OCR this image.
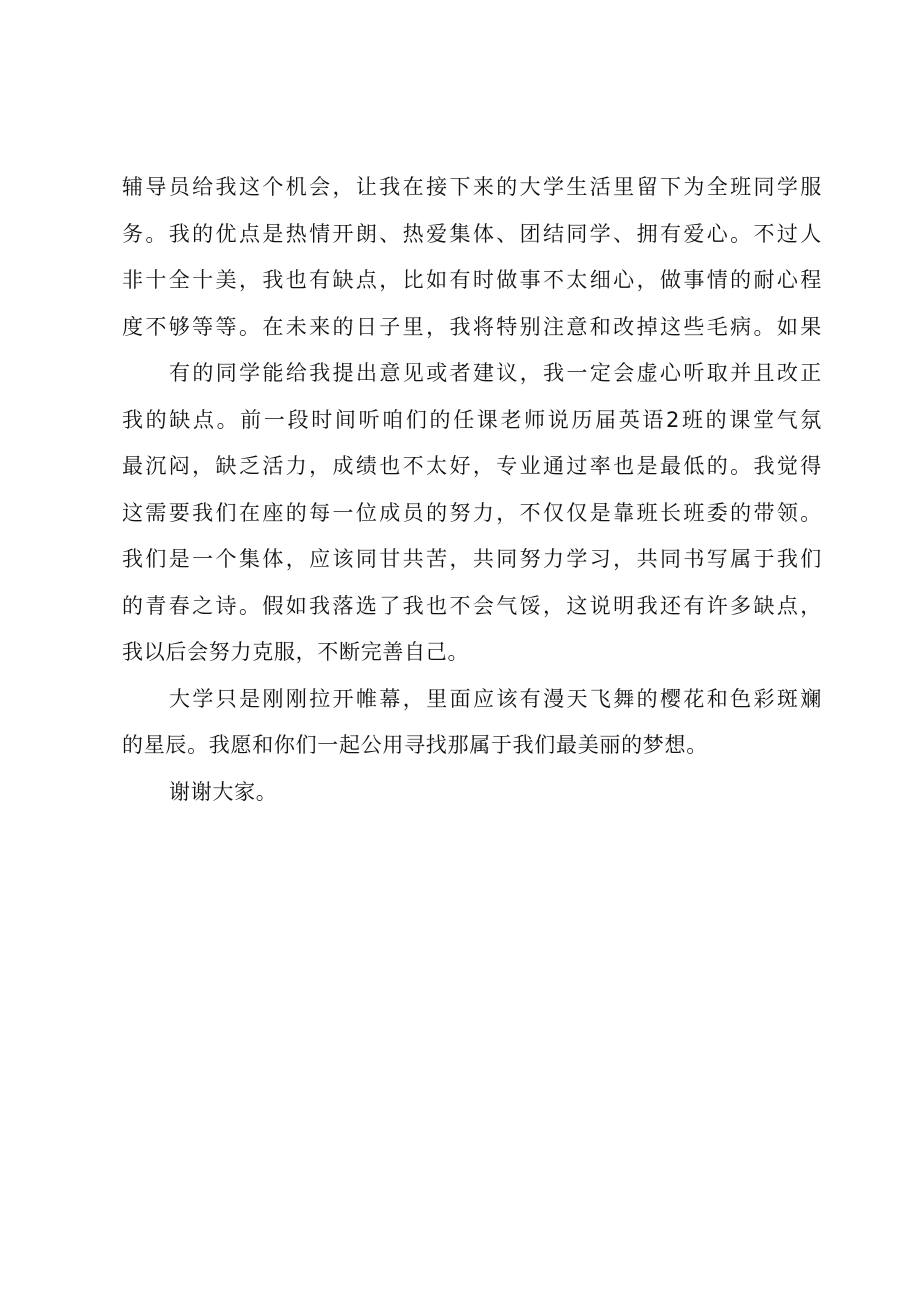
辅导员给我这个机会，让我在接下来的大学生活里留下为全班同学服
务。我的优点是热情开朗、热爱集体、团结同学、拥有爱心。不过人
非十全十美，我也有缺点，比如有时做事不太细心，做事情的耐心程
度不够等等。在未来的日子里，我将特别注意和改掉这些毛病。如果
有的同学能给我提出意见或者建议，我一定会虚心听取并且改正
我的缺点。前一段时间听咱们的任课老师说历届英语2班的课堂气氛
最沉闷，缺乏活力，成绩也不太好，专业通过率也是最低的。我觉得
这需要我们在座的每一位成员的努力，不仅仅是靠班长班委的带领。
我们是一个集体，应该同甘共苦，共同努力学习，共同书写属于我们
的青春之诗。假如我落选了我也不会气馁，这说明我还有许多缺点，
我以后会努力克服，不断完善自己。
大学只是刚刚拉开帷幕，里面应该有漫天飞舞的樱花和色彩斑斓
的星辰。我愿和你们一起公用寻找那属于我们最美丽的梦想。
谢谢大家。
